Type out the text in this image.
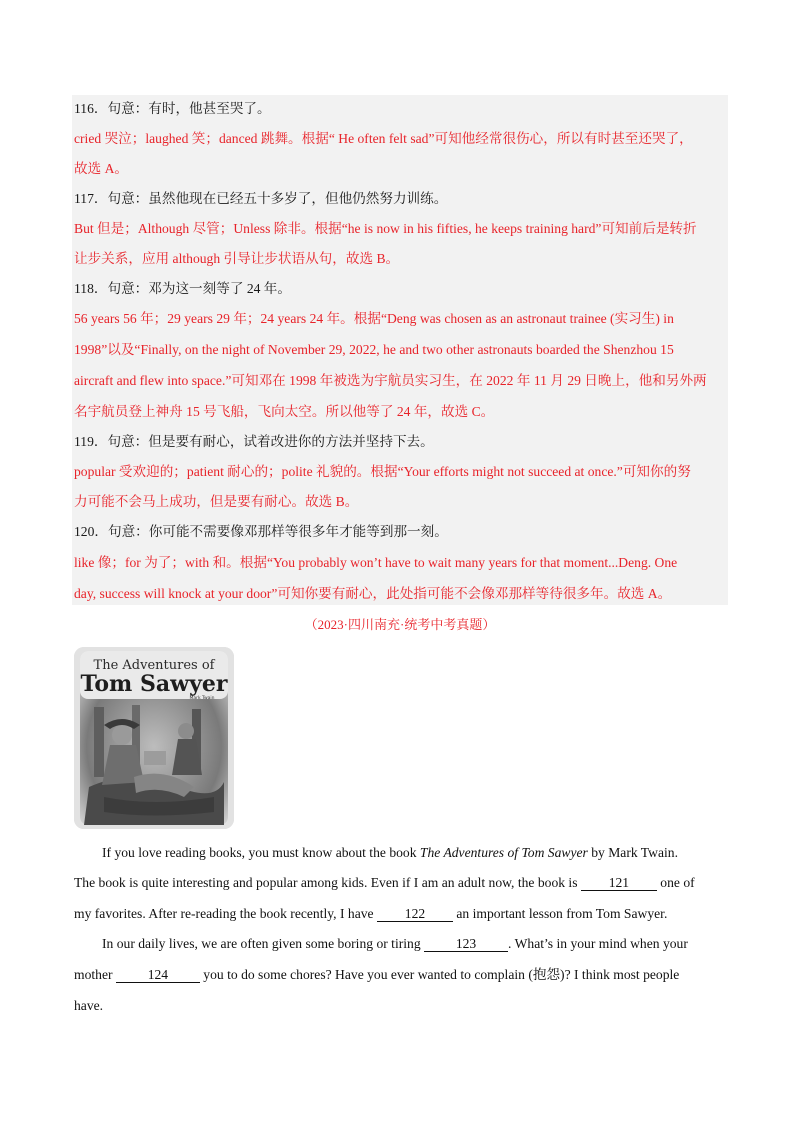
116．句意：有时，他甚至哭了。
cried 哭泣；laughed 笑；danced 跳舞。根据“ He often felt sad”可知他经常很伤心，所以有时甚至还哭了，
故选 A。
117．句意：虽然他现在已经五十多岁了，但他仍然努力训练。
But 但是；Although 尽管；Unless 除非。根据“he is now in his fifties, he keeps training hard”可知前后是转折
让步关系，应用 although 引导让步状语从句，故选 B。
118．句意：邓为这一刻等了 24 年。
56 years 56 年；29 years 29 年；24 years 24 年。根据“Deng was chosen as an astronaut trainee (实习生) in
1998”以及“Finally, on the night of November 29, 2022, he and two other astronauts boarded the Shenzhou 15
aircraft and flew into space.”可知邓在 1998 年被选为宇航员实习生，在 2022 年 11 月 29 日晚上，他和另外两
名宇航员登上神舟 15 号飞船，飞向太空。所以他等了 24 年，故选 C。
119．句意：但是要有耐心，试着改进你的方法并坚持下去。
popular 受欢迎的；patient 耐心的；polite 礼貌的。根据“Your efforts might not succeed at once.”可知你的努
力可能不会马上成功，但是要有耐心。故选 B。
120．句意：你可能不需要像邓那样等很多年才能等到那一刻。
like 像；for 为了；with 和。根据“You probably won’t have to wait many years for that moment...Deng. One
day, success will knock at your door”可知你要有耐心，此处指可能不会像邓那样等待很多年。故选 A。
（2023·四川南充·统考中考真题）
The Adventures of
Tom Sawyer
Mark Twain
If you love reading books, you must know about the book The Adventures of Tom Sawyer by Mark Twain.
The book is quite interesting and popular among kids. Even if I am an adult now, the book is 121 one of
my favorites. After re-reading the book recently, I have 122 an important lesson from Tom Sawyer.
In our daily lives, we are often given some boring or tiring 123 . What’s in your mind when your
mother 124 you to do some chores? Have you ever wanted to complain (抱怨)? I think most people
have.
